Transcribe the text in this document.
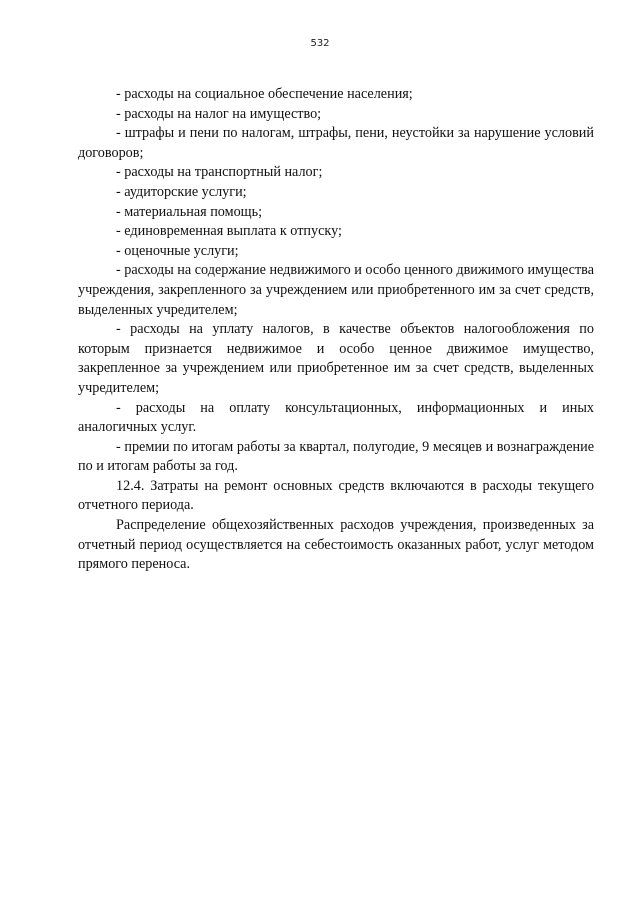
532

- расходы на социальное обеспечение населения;

- расходы на налог на имущество;

- штрафы и пени по налогам, штрафы, пени, неустойки за нарушение условий договоров;

- расходы на транспортный налог;

- аудиторские услуги;

- материальная помощь;

- единовременная выплата к отпуску;

- оценочные услуги;

- расходы на содержание недвижимого и особо ценного движимого имущества учреждения, закрепленного за учреждением или приобретенного им за счет средств, выделенных учредителем;

- расходы на уплату налогов, в качестве объектов налогообложения по которым признается недвижимое и особо ценное движимое имущество, закрепленное за учреждением или приобретенное им за счет средств, выделенных учредителем;

- расходы на оплату консультационных, информационных и иных аналогичных услуг.

- премии по итогам работы за квартал, полугодие, 9 месяцев и вознаграждение по и итогам работы за год.

12.4. Затраты на ремонт основных средств включаются в расходы текущего отчетного периода.

Распределение общехозяйственных расходов учреждения, произведенных за отчетный период осуществляется на себестоимость оказанных работ, услуг методом прямого переноса.
